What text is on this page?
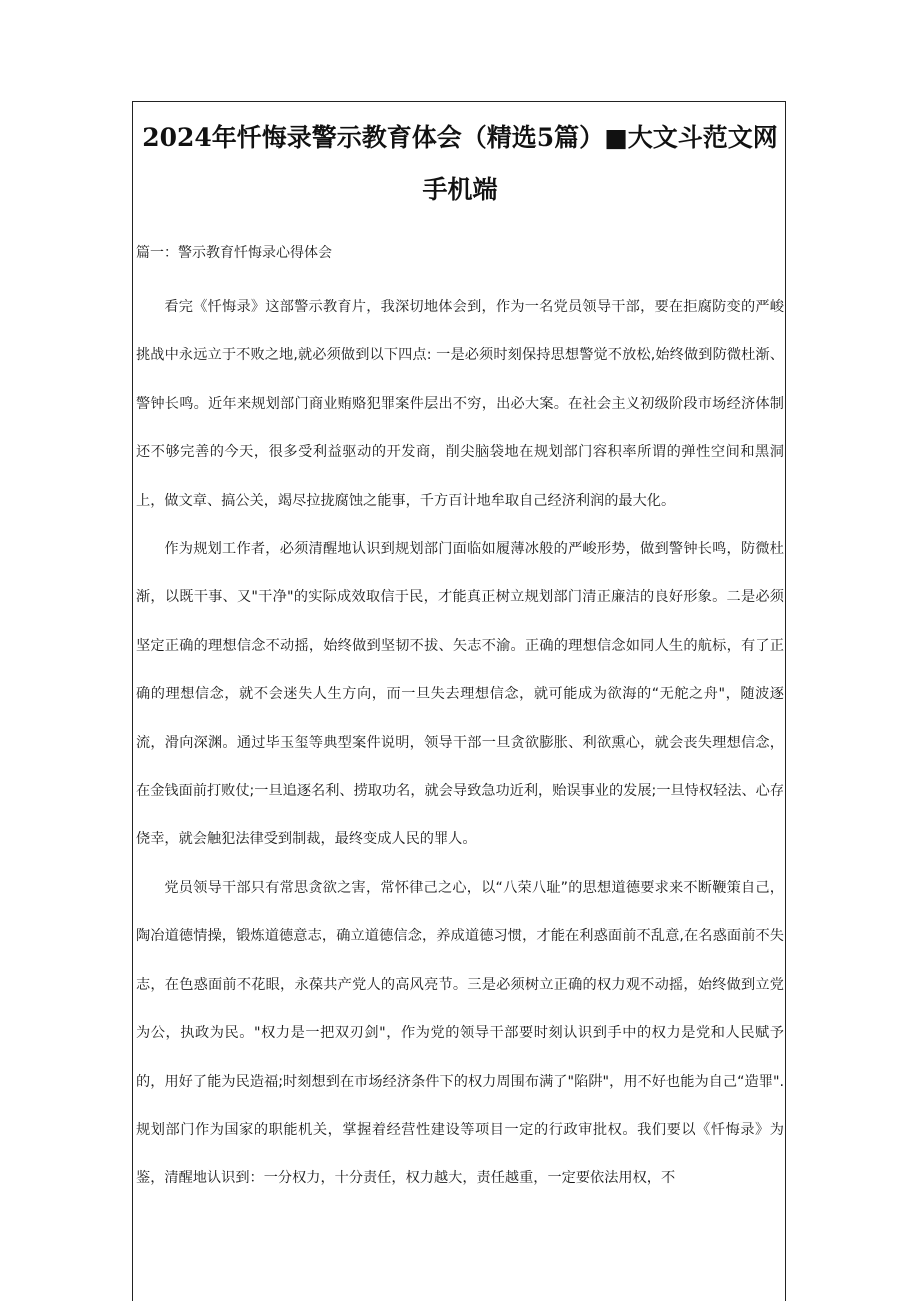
2024年忏悔录警示教育体会（精选5篇）■大文斗范文网手机端
篇一：警示教育忏悔录心得体会

看完《忏悔录》这部警示教育片，我深切地体会到，作为一名党员领导干部，要在拒腐防变的严峻挑战中永远立于不败之地,就必须做到以下四点: 一是必须时刻保持思想警觉不放松,始终做到防微杜渐、警钟长鸣。近年来规划部门商业贿赂犯罪案件层出不穷，出必大案。在社会主义初级阶段市场经济体制还不够完善的今天，很多受利益驱动的开发商，削尖脑袋地在规划部门容积率所谓的弹性空间和黑洞上，做文章、搞公关，竭尽拉拢腐蚀之能事，千方百计地牟取自己经济利润的最大化。

作为规划工作者，必须清醒地认识到规划部门面临如履薄冰般的严峻形势，做到警钟长鸣，防微杜渐，以既干事、又"干净"的实际成效取信于民，才能真正树立规划部门清正廉洁的良好形象。二是必须坚定正确的理想信念不动摇，始终做到坚韧不拔、矢志不渝。正确的理想信念如同人生的航标，有了正确的理想信念，就不会迷失人生方向，而一旦失去理想信念，就可能成为欲海的“无舵之舟"，随波逐流，滑向深渊。通过毕玉玺等典型案件说明，领导干部一旦贪欲膨胀、利欲熏心，就会丧失理想信念，在金钱面前打败仗;一旦追逐名利、捞取功名，就会导致急功近利，贻误事业的发展;一旦恃权轻法、心存侥幸，就会触犯法律受到制裁，最终变成人民的罪人。

党员领导干部只有常思贪欲之害，常怀律己之心，以“八荣八耻”的思想道德要求来不断鞭策自己，陶冶道德情操，锻炼道德意志，确立道德信念，养成道德习惯，才能在利惑面前不乱意,在名惑面前不失志，在色惑面前不花眼，永葆共产党人的高风亮节。三是必须树立正确的权力观不动摇，始终做到立党为公，执政为民。"权力是一把双刃剑"，作为党的领导干部要时刻认识到手中的权力是党和人民赋予的，用好了能为民造福;时刻想到在市场经济条件下的权力周围布满了"陷阱"，用不好也能为自己“造罪".规划部门作为国家的职能机关，掌握着经营性建设等项目一定的行政审批权。我们要以《忏悔录》为鉴，清醒地认识到：一分权力，十分责任，权力越大，责任越重，一定要依法用权，不
